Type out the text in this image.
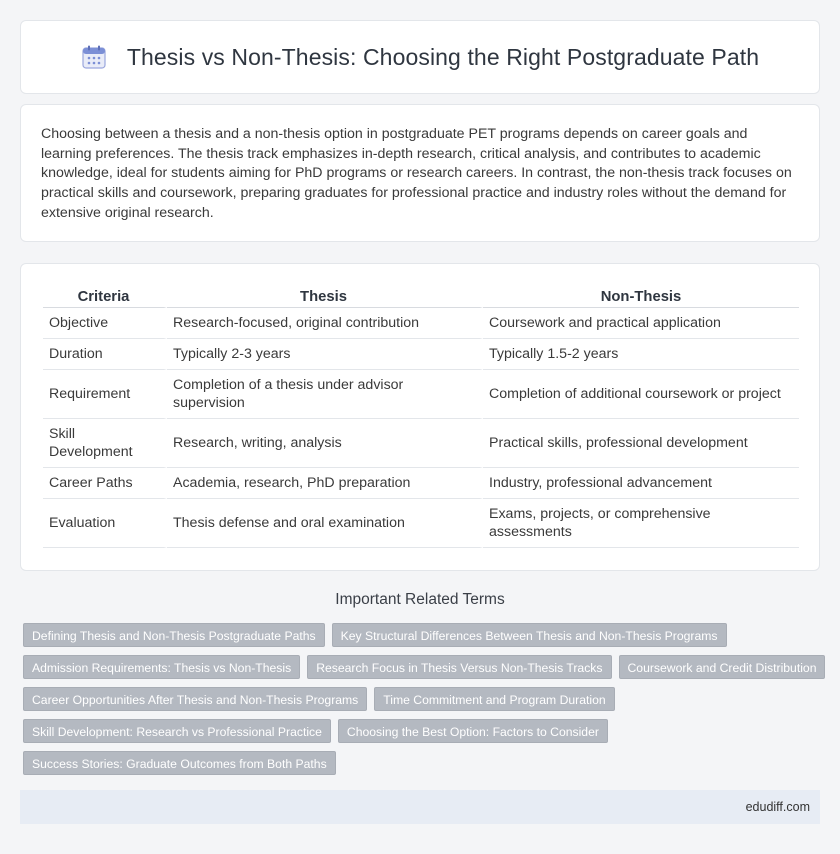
Thesis vs Non-Thesis: Choosing the Right Postgraduate Path

Choosing between a thesis and a non-thesis option in postgraduate PET programs depends on career goals and learning preferences. The thesis track emphasizes in-depth research, critical analysis, and contributes to academic knowledge, ideal for students aiming for PhD programs or research careers. In contrast, the non-thesis track focuses on practical skills and coursework, preparing graduates for professional practice and industry roles without the demand for extensive original research.

Criteria	Thesis	Non-Thesis
Objective	Research-focused, original contribution	Coursework and practical application
Duration	Typically 2-3 years	Typically 1.5-2 years
Requirement	Completion of a thesis under advisor supervision	Completion of additional coursework or project
Skill Development	Research, writing, analysis	Practical skills, professional development
Career Paths	Academia, research, PhD preparation	Industry, professional advancement
Evaluation	Thesis defense and oral examination	Exams, projects, or comprehensive assessments
Important Related Terms
Defining Thesis and Non-Thesis Postgraduate Paths	Key Structural Differences Between Thesis and Non-Thesis Programs
Admission Requirements: Thesis vs Non-Thesis	Research Focus in Thesis Versus Non-Thesis Tracks	Coursework and Credit Distribution
Career Opportunities After Thesis and Non-Thesis Programs	Time Commitment and Program Duration
Skill Development: Research vs Professional Practice	Choosing the Best Option: Factors to Consider
Success Stories: Graduate Outcomes from Both Paths
edudiff.com
